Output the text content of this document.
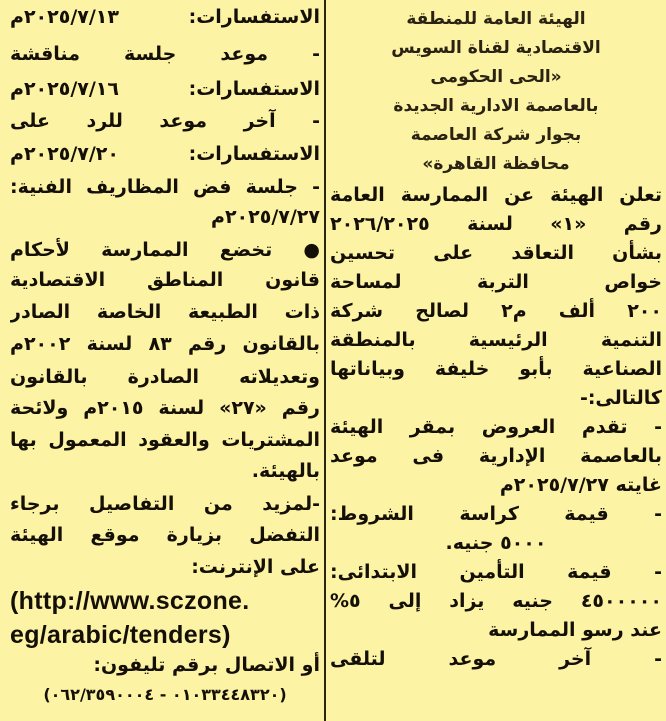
الهيئة العامة للمنطقة
الاقتصادية لقناة السويس
«الحى الحكومى
بالعاصمة الادارية الجديدة
بجوار شركة العاصمة
محافظة القاهرة»
تعلن الهيئة عن الممارسة العامة
رقم «١» لسنة ٢٠٢٦/٢٠٢٥
بشأن التعاقد على تحسين
خواص التربة لمساحة
٢٠٠ ألف م٢ لصالح شركة
التنمية الرئيسية بالمنطقة
الصناعية بأبو خليفة وبياناتها
كالتالى:-
- تقدم العروض بمقر الهيئة
بالعاصمة الإدارية فى موعد
غايته ٢٠٢٥/٧/٢٧م
- قيمة كراسة الشروط:
٥٠٠٠ جنيه.
- قيمة التأمين الابتدائى:
٤٥٠٠٠٠٠ جنيه يزاد إلى ٥%
عند رسو الممارسة
- آخر موعد لتلقى
الاستفسارات: ٢٠٢٥/٧/١٣م
- موعد جلسة مناقشة
الاستفسارات: ٢٠٢٥/٧/١٦م
- آخر موعد للرد على
الاستفسارات: ٢٠٢٥/٧/٢٠م
- جلسة فض المظاريف الفنية:
٢٠٢٥/٧/٢٧م
● تخضع الممارسة لأحكام
قانون المناطق الاقتصادية
ذات الطبيعة الخاصة الصادر
بالقانون رقم ٨٣ لسنة ٢٠٠٢م
وتعديلاته الصادرة بالقانون
رقم «٢٧» لسنة ٢٠١٥م ولائحة
المشتريات والعقود المعمول بها
بالهيئة.
-لمزيد من التفاصيل برجاء
التفضل بزيارة موقع الهيئة
على الإنترنت:
(http://www.sczone.
eg/arabic/tenders)
أو الاتصال برقم تليفون:
(٠١٠٣٣٤٤٨٣٢٠ - ٠٦٢/٣٥٩٠٠٠٤)
